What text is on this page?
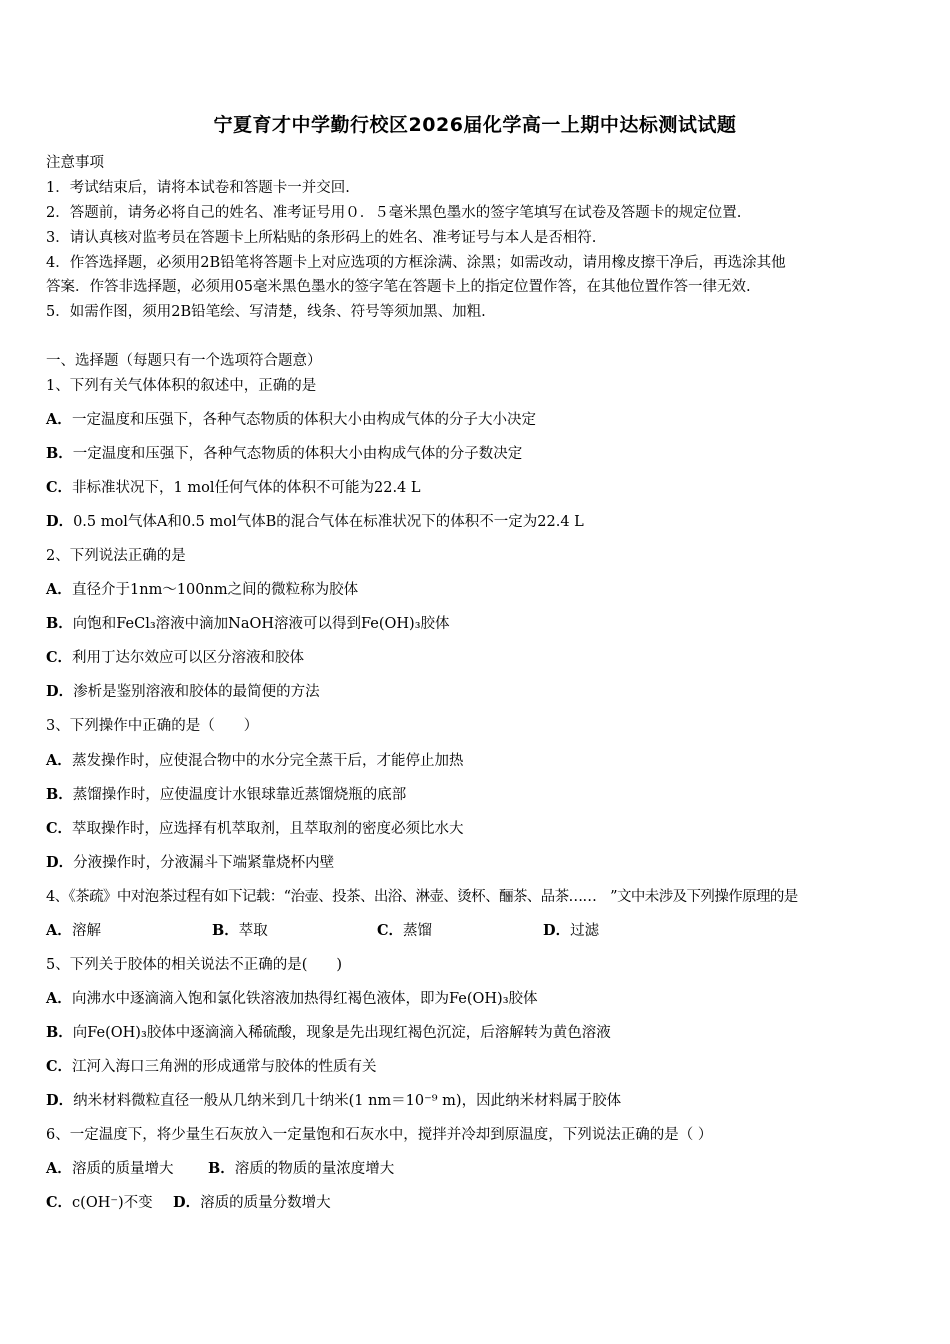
宁夏育才中学勤行校区2026届化学高一上期中达标测试试题
注意事项
1．考试结束后，请将本试卷和答题卡一并交回.
2．答题前，请务必将自己的姓名、准考证号用０．５毫米黑色墨水的签字笔填写在试卷及答题卡的规定位置.
3．请认真核对监考员在答题卡上所粘贴的条形码上的姓名、准考证号与本人是否相符.
4．作答选择题，必须用2B铅笔将答题卡上对应选项的方框涂满、涂黑；如需改动，请用橡皮擦干净后，再选涂其他
答案．作答非选择题，必须用05毫米黑色墨水的签字笔在答题卡上的指定位置作答，在其他位置作答一律无效.
5．如需作图，须用2B铅笔绘、写清楚，线条、符号等须加黑、加粗.
一、选择题（每题只有一个选项符合题意）
1、下列有关气体体积的叙述中，正确的是
A．一定温度和压强下，各种气态物质的体积大小由构成气体的分子大小决定
B．一定温度和压强下，各种气态物质的体积大小由构成气体的分子数决定
C．非标准状况下，1 mol任何气体的体积不可能为22.4 L
D．0.5 mol气体A和0.5 mol气体B的混合气体在标准状况下的体积不一定为22.4 L
2、下列说法正确的是
A．直径介于1nm～100nm之间的微粒称为胶体
B．向饱和FeCl₃溶液中滴加NaOH溶液可以得到Fe(OH)₃胶体
C．利用丁达尔效应可以区分溶液和胶体
D．渗析是鉴别溶液和胶体的最简便的方法
3、下列操作中正确的是（　　）
A．蒸发操作时，应使混合物中的水分完全蒸干后，才能停止加热
B．蒸馏操作时，应使温度计水银球靠近蒸馏烧瓶的底部
C．萃取操作时，应选择有机萃取剂，且萃取剂的密度必须比水大
D．分液操作时，分液漏斗下端紧靠烧杯内壁
4、《茶疏》中对泡茶过程有如下记载：“治壶、投茶、出浴、淋壶、烫杯、酾茶、品茶……　”文中未涉及下列操作原理的是
A．溶解	B．萃取	C．蒸馏	D．过滤
5、下列关于胶体的相关说法不正确的是(　　)
A．向沸水中逐滴滴入饱和氯化铁溶液加热得红褐色液体，即为Fe(OH)₃胶体
B．向Fe(OH)₃胶体中逐滴滴入稀硫酸，现象是先出现红褐色沉淀，后溶解转为黄色溶液
C．江河入海口三角洲的形成通常与胶体的性质有关
D．纳米材料微粒直径一般从几纳米到几十纳米(1 nm＝10⁻⁹ m)，因此纳米材料属于胶体
6、一定温度下，将少量生石灰放入一定量饱和石灰水中，搅拌并冷却到原温度，下列说法正确的是（ ）
A．溶质的质量增大 B．溶质的物质的量浓度增大
C．c(OH⁻)不变 D．溶质的质量分数增大
